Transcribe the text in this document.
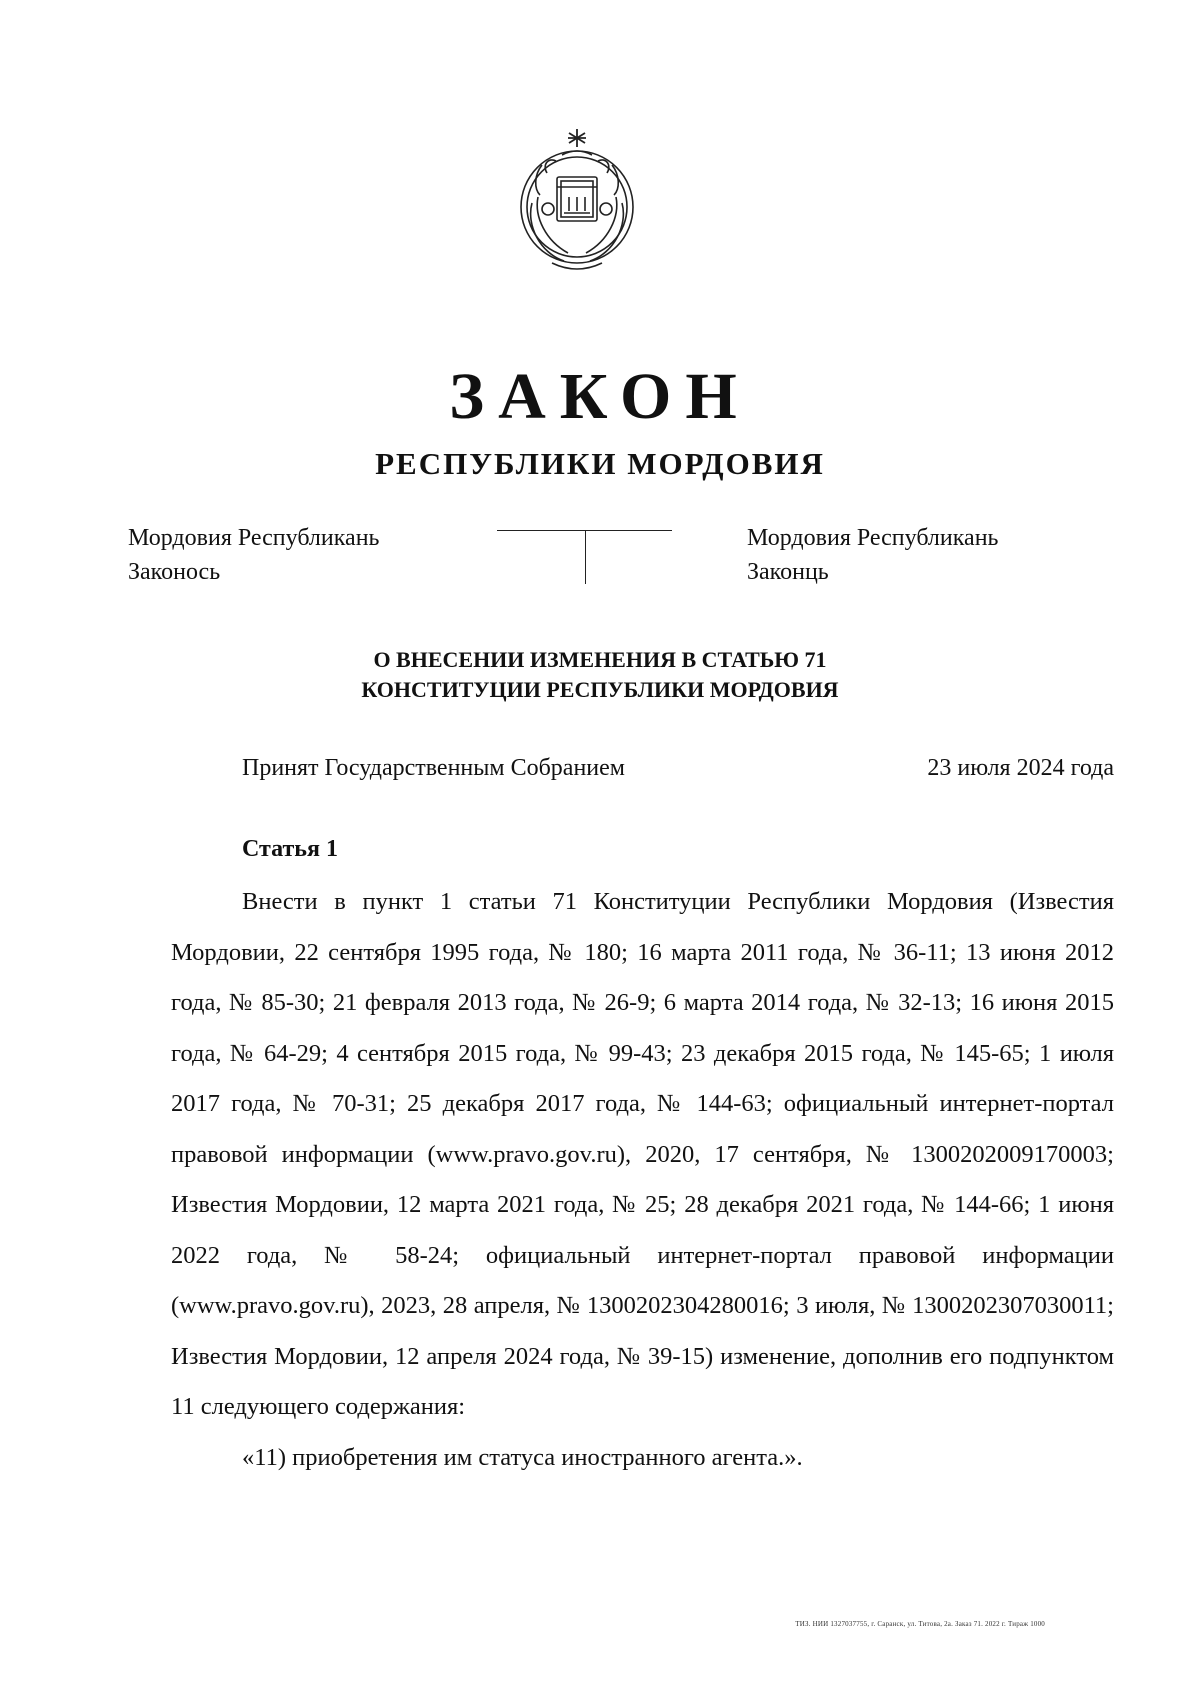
ЗАКОН
РЕСПУБЛИКИ МОРДОВИЯ
Мордовия Республикань
Законось
Мордовия Республикань
Законць
О ВНЕСЕНИИ ИЗМЕНЕНИЯ В СТАТЬЮ 71
КОНСТИТУЦИИ РЕСПУБЛИКИ МОРДОВИЯ
Принят Государственным Собранием	23 июля 2024 года
Статья 1

Внести в пункт 1 статьи 71 Конституции Республики Мордовия (Известия Мордовии, 22 сентября 1995 года, № 180; 16 марта 2011 года, № 36-11; 13 июня 2012 года, № 85-30; 21 февраля 2013 года, № 26-9; 6 марта 2014 года, № 32-13; 16 июня 2015 года, № 64-29; 4 сентября 2015 года, № 99-43; 23 декабря 2015 года, № 145-65; 1 июля 2017 года, № 70-31; 25 декабря 2017 года, № 144-63; официальный интернет-портал правовой информации (www.pravo.gov.ru), 2020, 17 сентября, № 1300202009170003; Известия Мордовии, 12 марта 2021 года, № 25; 28 декабря 2021 года, № 144-66; 1 июня 2022 года, № 58-24; официальный интернет-портал правовой информации (www.pravo.gov.ru), 2023, 28 апреля, № 1300202304280016; 3 июля, № 1300202307030011; Известия Мордовии, 12 апреля 2024 года, № 39-15) изменение, дополнив его подпунктом 11 следующего содержания:

«11) приобретения им статуса иностранного агента.».

ТИЗ. НИИ 1327037755, г. Саранск, ул. Титова, 2а. Заказ 71. 2022 г. Тираж 1000
